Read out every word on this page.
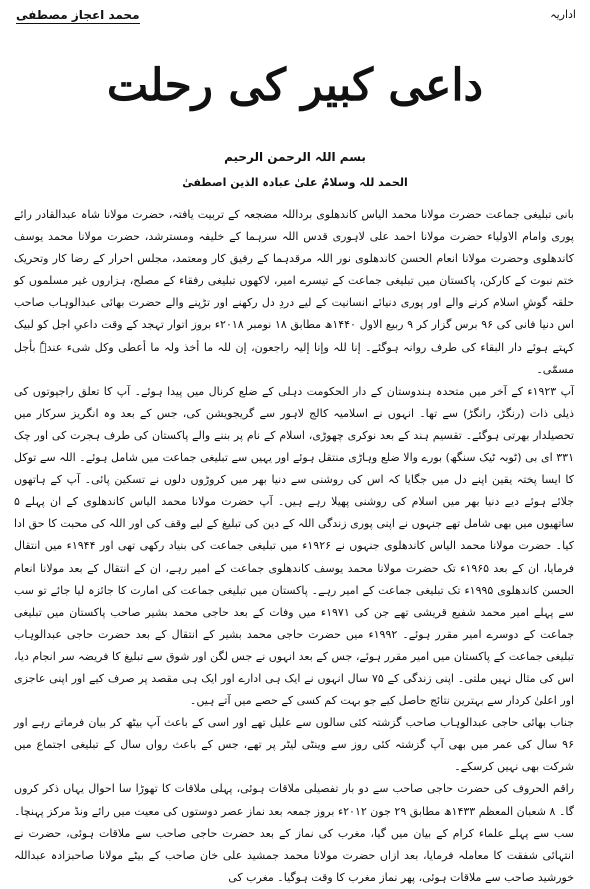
اداریہ
محمد اعجاز مصطفی
داعی کبیر کی رحلت
بسم اللہ الرحمن الرحیم
الحمد للہ وسلامٌ علیٰ عبادہ الذین اصطفیٰ

بانی تبلیغی جماعت حضرت مولانا محمد الیاس کاندھلوی برداللہ مضجعہ کے تربیت یافتہ، حضرت مولانا شاہ عبدالقادر رائے پوری وامام الاولیاء حضرت مولانا احمد علی لاہوری قدس اللہ سرہما کے خلیفہ ومسترشد، حضرت مولانا محمد یوسف کاندھلوی وحضرت مولانا انعام الحسن کاندھلوی نور اللہ مرقدہما کے رفیق کار ومعتمد، مجلس احرار کے رضا کار وتحریک ختم نبوت کے کارکن، پاکستان میں تبلیغی جماعت کے تیسرے امیر، لاکھوں تبلیغی رفقاء کے مصلح، ہزاروں غیر مسلموں کو حلقہ گوشِ اسلام کرنے والے اور پوری دنیائے انسانیت کے لیے دردِ دل رکھنے اور تڑپنے والے حضرت بھائی عبدالوہاب صاحب اس دنیا فانی کی ۹۶ برس گزار کر ۹ ربیع الاول ۱۴۴۰ھ مطابق ۱۸ نومبر ۲۰۱۸ء بروز اتوار تہجد کے وقت داعیِ اجل کو لبیک کہتے ہوئے دار البقاء کی طرف روانہ ہوگئے۔ إنا للہ وإنا إلیہ راجعون، إن للہ ما أخذ ولہ ما أعطی وکل شیء عندہٗ بأجل مسمّٰی۔

آپ ۱۹۲۳ء کے آخر میں متحدہ ہندوستان کے دار الحکومت دہلی کے ضلع کرنال میں پیدا ہوئے۔ آپ کا تعلق راجپوتوں کی ذیلی ذات (رنگڑ، رانگڑ) سے تھا۔ انہوں نے اسلامیہ کالج لاہور سے گریجویشن کی، جس کے بعد وہ انگریز سرکار میں تحصیلدار بھرتی ہوگئے۔ تقسیم ہند کے بعد نوکری چھوڑی، اسلام کے نام پر بننے والے پاکستان کی طرف ہجرت کی اور چک ۳۳۱ ای بی (ٹوبہ ٹیک سنگھ) بورے والا ضلع وہاڑی منتقل ہوئے اور یہیں سے تبلیغی جماعت میں شامل ہوئے۔ اللہ سے توکل کا ایسا پختہ یقین اپنے دل میں جگایا کہ اس کی روشنی سے دنیا بھر میں کروڑوں دلوں نے تسکین پائی۔ آپ کے ہاتھوں جلائے ہوئے دیے دنیا بھر میں اسلام کی روشنی پھیلا رہے ہیں۔ آپ حضرت مولانا محمد الیاس کاندھلوی کے ان پہلے ۵ ساتھیوں میں بھی شامل تھے جنہوں نے اپنی پوری زندگی اللہ کے دین کی تبلیغ کے لیے وقف کی اور اللہ کی محبت کا حق ادا کیا۔ حضرت مولانا محمد الیاس کاندھلوی جنہوں نے ۱۹۲۶ء میں تبلیغی جماعت کی بنیاد رکھی تھی اور ۱۹۴۴ء میں انتقال فرمایا، ان کے بعد ۱۹۶۵ء تک حضرت مولانا محمد یوسف کاندھلوی جماعت کے امیر رہے، ان کے انتقال کے بعد مولانا انعام الحسن کاندھلوی ۱۹۹۵ء تک تبلیغی جماعت کے امیر رہے۔ پاکستان میں تبلیغی جماعت کی امارت کا جائزہ لیا جائے تو سب سے پہلے امیر محمد شفیع قریشی تھے جن کی ۱۹۷۱ء میں وفات کے بعد حاجی محمد بشیر صاحب پاکستان میں تبلیغی جماعت کے دوسرے امیر مقرر ہوئے۔ ۱۹۹۲ء میں حضرت حاجی محمد بشیر کے انتقال کے بعد حضرت حاجی عبدالوہاب تبلیغی جماعت کے پاکستان میں امیر مقرر ہوئے، جس کے بعد انہوں نے جس لگن اور شوق سے تبلیغ کا فریضہ سر انجام دیا، اس کی مثال نہیں ملتی۔ اپنی زندگی کے ۷۵ سال انہوں نے ایک ہی ادارے اور ایک ہی مقصد پر صرف کیے اور اپنی عاجزی اور اعلیٰ کردار سے بہترین نتائج حاصل کیے جو بہت کم کسی کے حصے میں آتے ہیں۔

جناب بھائی حاجی عبدالوہاب صاحب گزشتہ کئی سالوں سے علیل تھے اور اسی کے باعث آپ بیٹھ کر بیان فرماتے رہے اور ۹۶ سال کی عمر میں بھی آپ گزشتہ کئی روز سے وینٹی لیٹر پر تھے، جس کے باعث رواں سال کے تبلیغی اجتماع میں شرکت بھی نہیں کرسکے۔

راقم الحروف کی حضرت حاجی صاحب سے دو بار تفصیلی ملاقات ہوئی، پہلی ملاقات کا تھوڑا سا احوال یہاں ذکر کروں گا۔ ۸ شعبان المعظم ۱۴۳۳ھ مطابق ۲۹ جون ۲۰۱۲ء بروز جمعہ بعد نماز عصر دوستوں کی معیت میں رائے ونڈ مرکز پہنچا۔ سب سے پہلے علماء کرام کے بیان میں گیا، مغرب کی نماز کے بعد حضرت حاجی صاحب سے ملاقات ہوئی، حضرت نے انتہائی شفقت کا معاملہ فرمایا، بعد ازاں حضرت مولانا محمد جمشید علی خان صاحب کے بیٹے مولانا صاحبزادہ عبداللہ خورشید صاحب سے ملاقات ہوئی، پھر نماز مغرب کا وقت ہوگیا۔ مغرب کی
